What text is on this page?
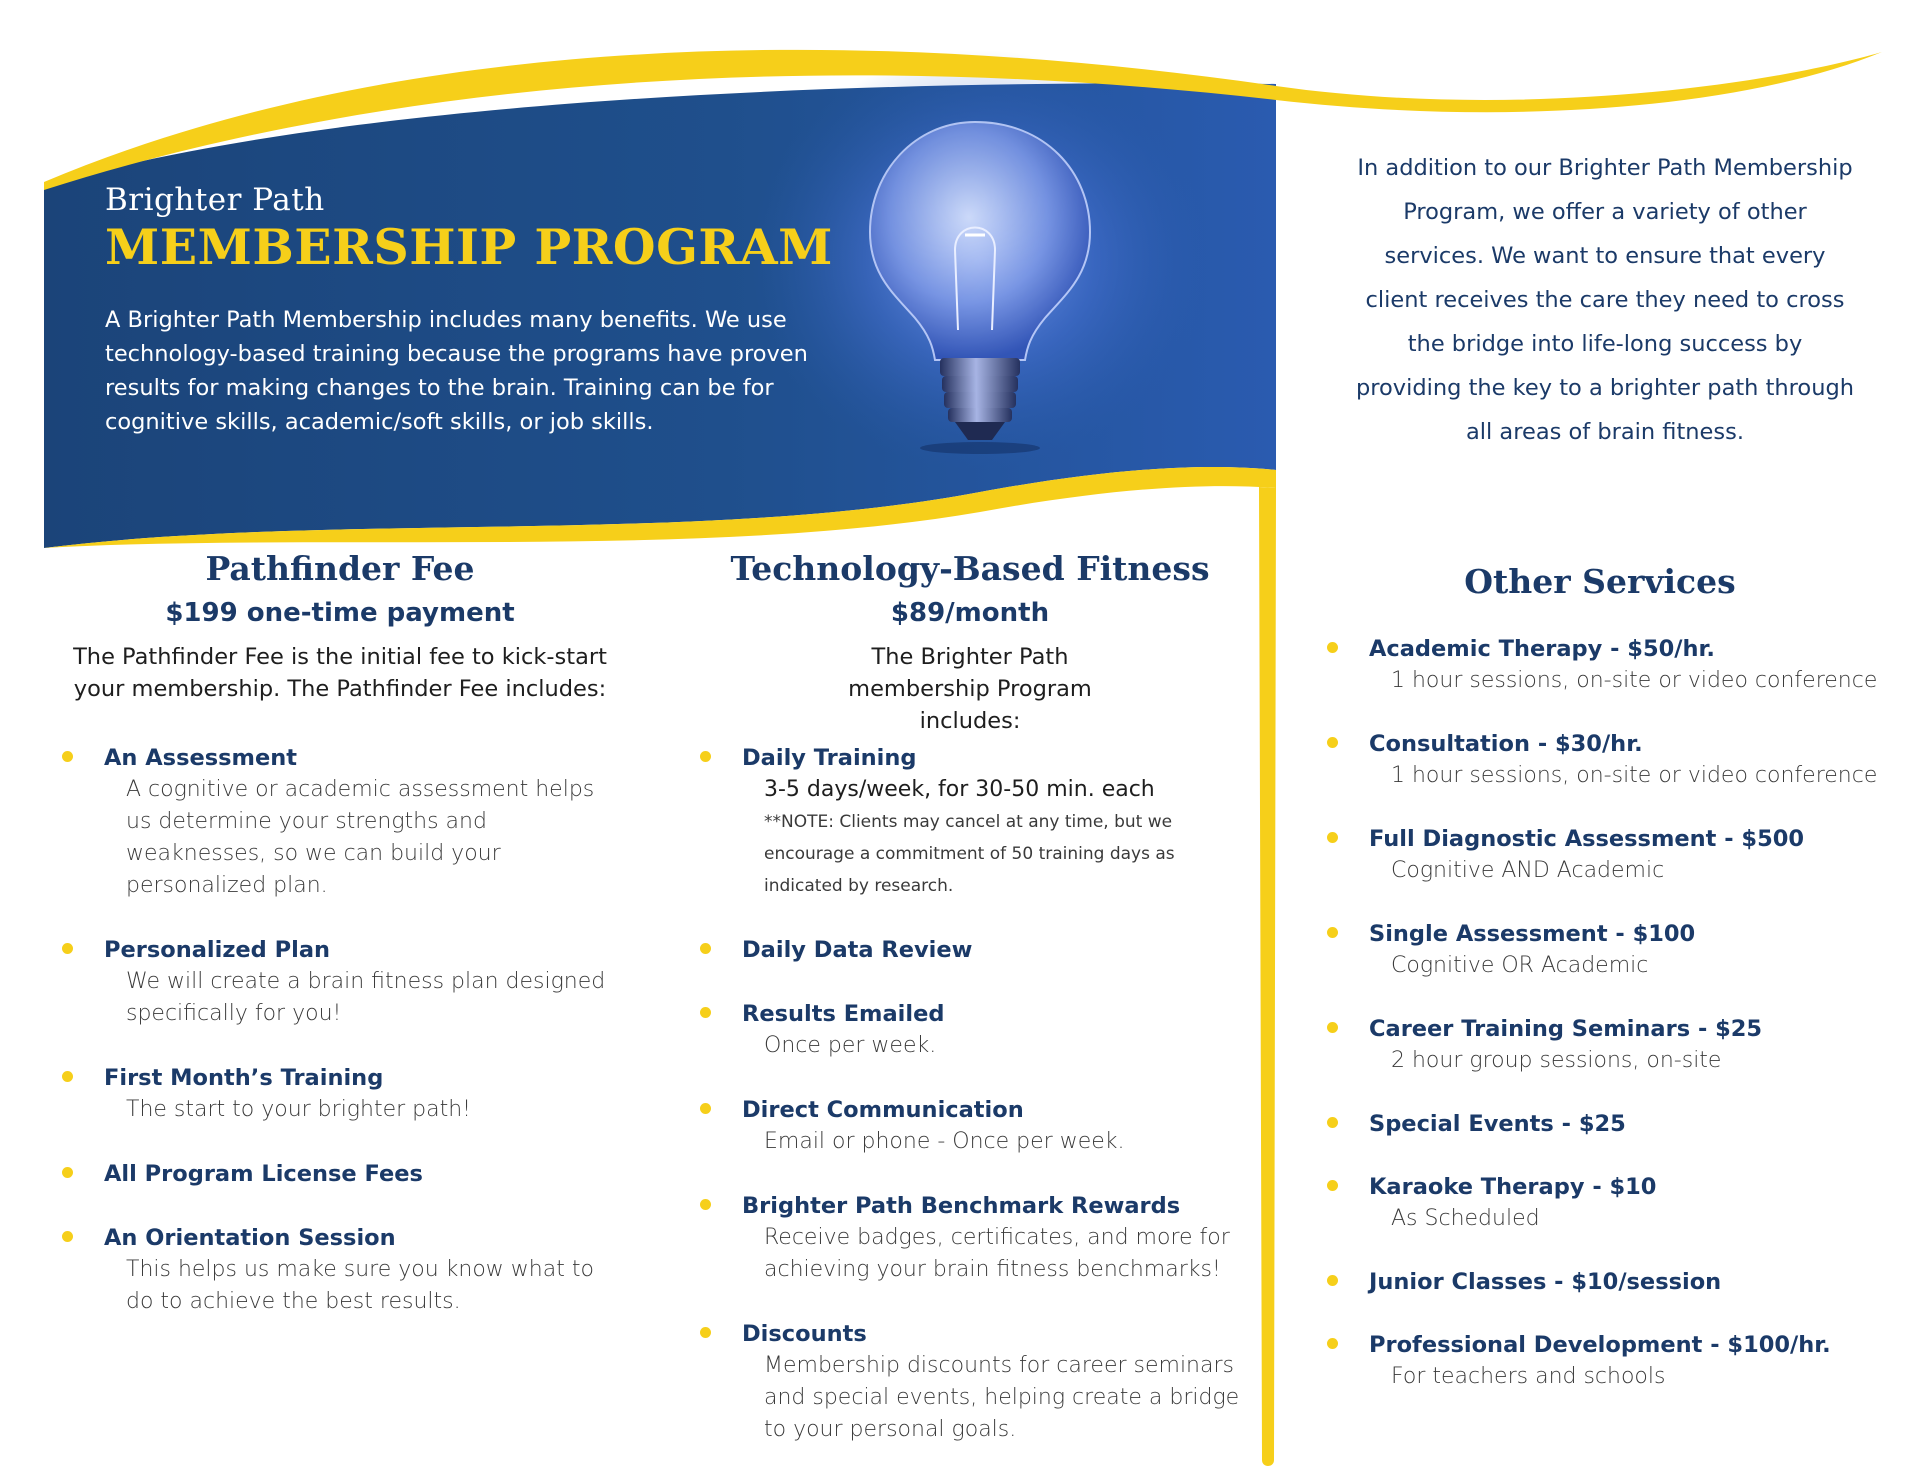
Brighter Path
MEMBERSHIP PROGRAM
A Brighter Path Membership includes many benefits. We use technology-based training because the programs have proven results for making changes to the brain. Training can be for cognitive skills, academic/soft skills, or job skills.
In addition to our Brighter Path Membership Program, we offer a variety of other services. We want to ensure that every client receives the care they need to cross the bridge into life-long success by providing the key to a brighter path through all areas of brain fitness.
Pathfinder Fee
$199 one-time payment
The Pathfinder Fee is the initial fee to kick-start your membership. The Pathfinder Fee includes:
An Assessment
A cognitive or academic assessment helps us determine your strengths and weaknesses, so we can build your personalized plan.
Personalized Plan
We will create a brain fitness plan designed specifically for you!
First Month’s Training
The start to your brighter path!
All Program License Fees
An Orientation Session
This helps us make sure you know what to do to achieve the best results.
Technology-Based Fitness
$89/month
The Brighter Path membership Program includes:
Daily Training
3-5 days/week, for 30-50 min. each
**NOTE: Clients may cancel at any time, but we encourage a commitment of 50 training days as indicated by research.
Daily Data Review
Results Emailed
Once per week.
Direct Communication
Email or phone - Once per week.
Brighter Path Benchmark Rewards
Receive badges, certificates, and more for achieving your brain fitness benchmarks!
Discounts
Membership discounts for career seminars and special events, helping create a bridge to your personal goals.
Other Services
Academic Therapy - $50/hr.
1 hour sessions, on-site or video conference
Consultation - $30/hr.
1 hour sessions, on-site or video conference
Full Diagnostic Assessment - $500
Cognitive AND Academic
Single Assessment - $100
Cognitive OR Academic
Career Training Seminars - $25
2 hour group sessions, on-site
Special Events - $25
Karaoke Therapy - $10
As Scheduled
Junior Classes - $10/session
Professional Development - $100/hr.
For teachers and schools
